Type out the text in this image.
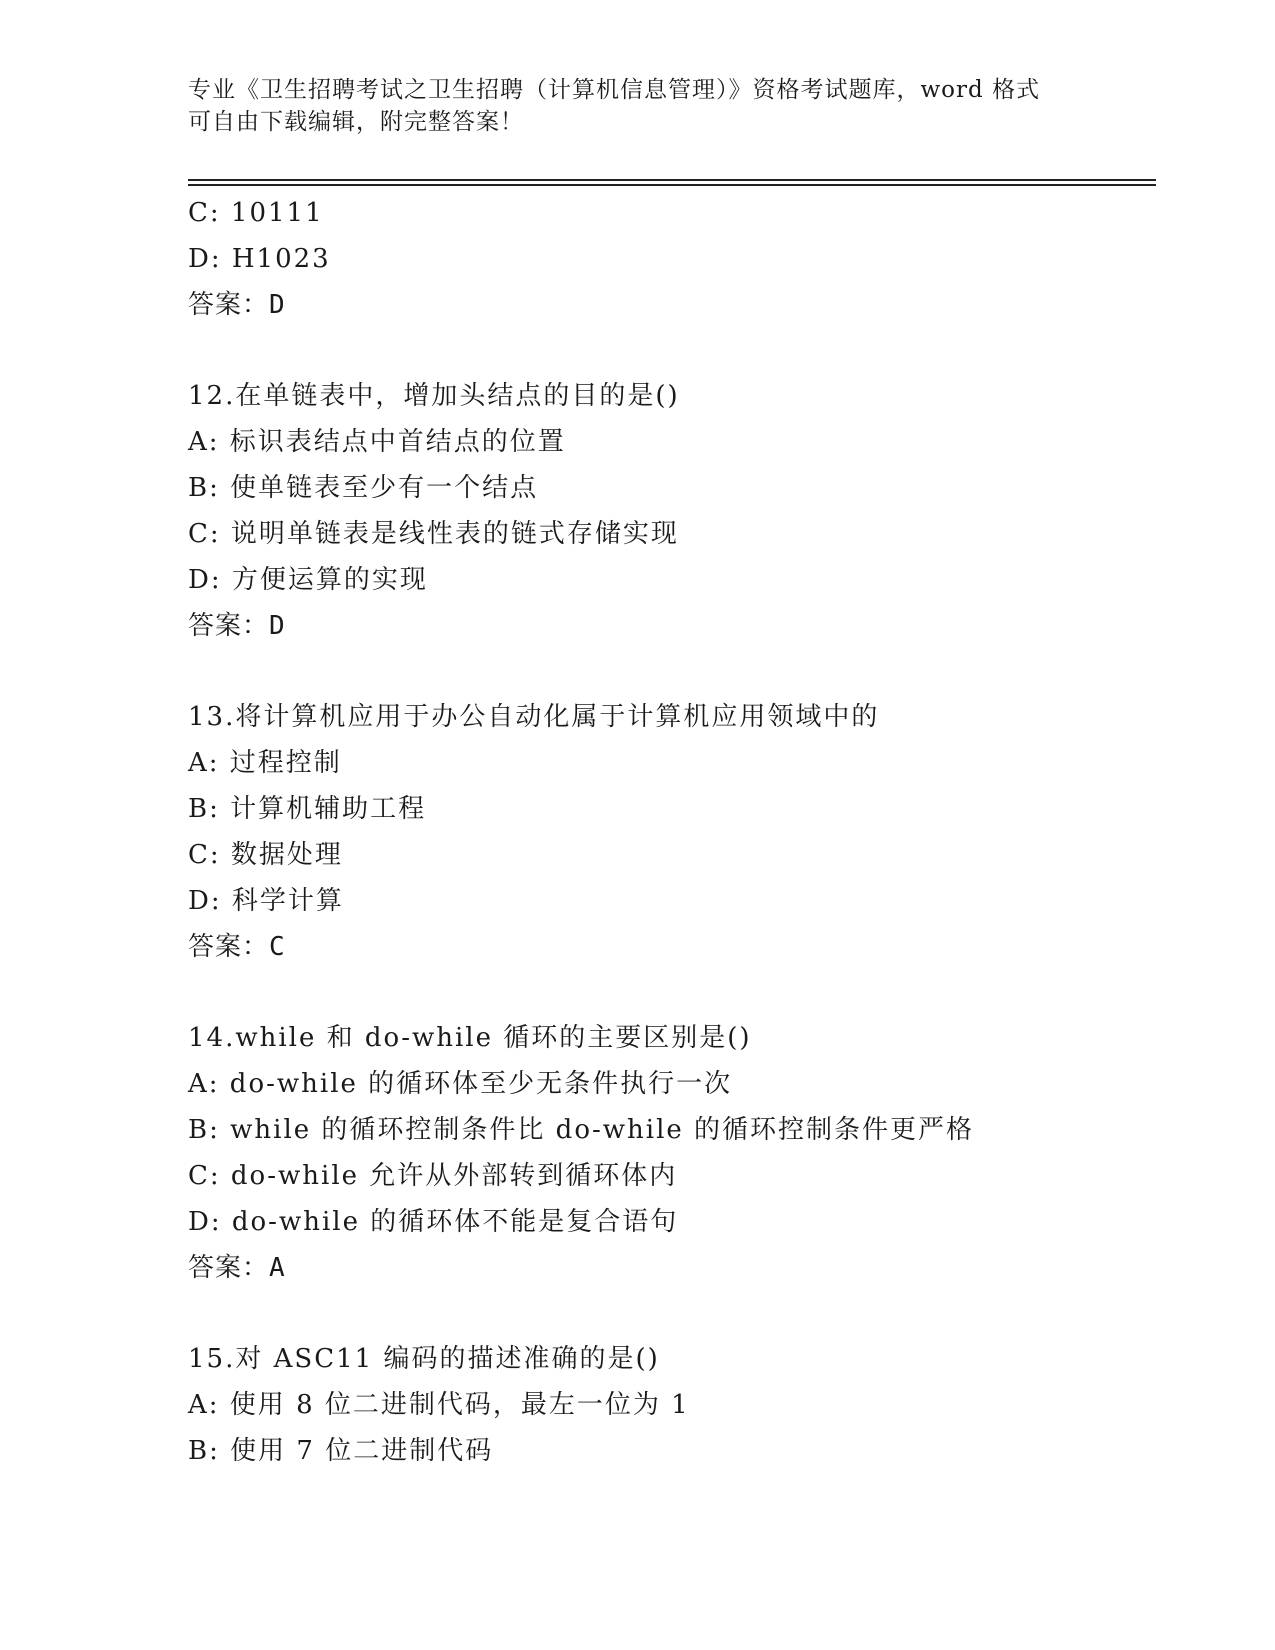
专业《卫生招聘考试之卫生招聘（计算机信息管理）》资格考试题库，word 格式
可自由下载编辑，附完整答案！
C: 10111
D: H1023
答案：D
12.在单链表中，增加头结点的目的是()
A: 标识表结点中首结点的位置
B: 使单链表至少有一个结点
C: 说明单链表是线性表的链式存储实现
D: 方便运算的实现
答案：D
13.将计算机应用于办公自动化属于计算机应用领域中的
A: 过程控制
B: 计算机辅助工程
C: 数据处理
D: 科学计算
答案：C
14.while 和 do-while 循环的主要区别是()
A: do-while 的循环体至少无条件执行一次
B: while 的循环控制条件比 do-while 的循环控制条件更严格
C: do-while 允许从外部转到循环体内
D: do-while 的循环体不能是复合语句
答案：A
15.对 ASC11 编码的描述准确的是()
A: 使用 8 位二进制代码，最左一位为 1
B: 使用 7 位二进制代码
